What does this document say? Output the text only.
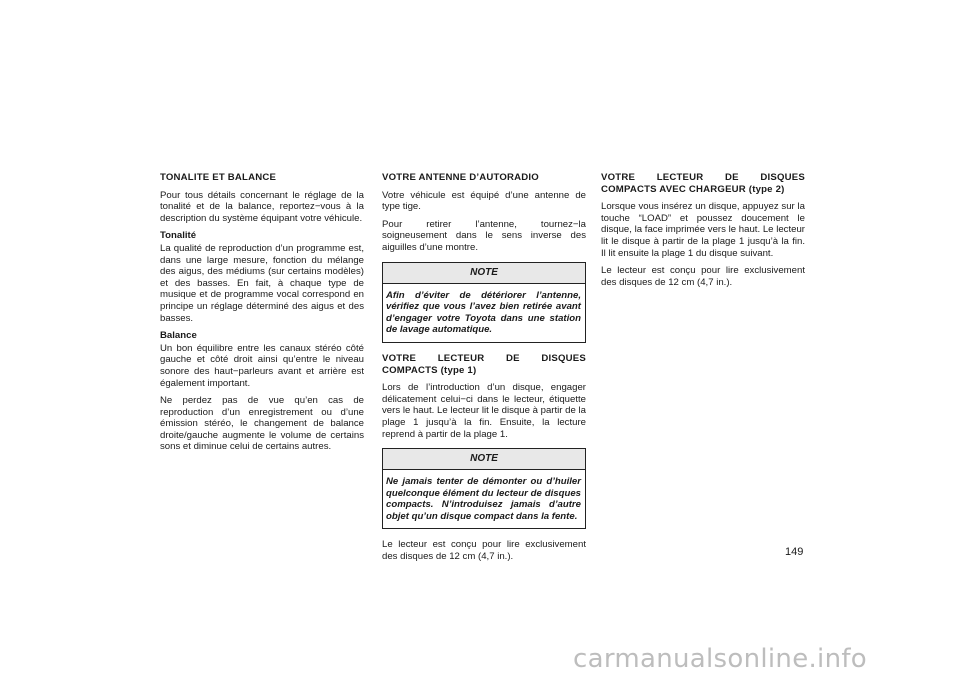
TONALITE ET BALANCE

Pour tous détails concernant le réglage de la tonalité et de la balance, reportez−vous à la description du système équipant votre véhicule.

Tonalité

La qualité de reproduction d’un programme est, dans une large mesure, fonction du mélange des aigus, des médiums (sur certains modèles) et des basses. En fait, à chaque type de musique et de programme vocal correspond en principe un réglage déterminé des aigus et des basses.

Balance

Un bon équilibre entre les canaux stéréo côté gauche et côté droit ainsi qu’entre le niveau sonore des haut−parleurs avant et arrière est également important.

Ne perdez pas de vue qu’en cas de reproduction d’un enregistrement ou d’une émission stéréo, le changement de balance droite/gauche augmente le volume de certains sons et diminue celui de certains autres.

VOTRE ANTENNE D’AUTORADIO

Votre véhicule est équipé d’une antenne de type tige.

Pour retirer l’antenne, tournez−la soigneusement dans le sens inverse des aiguilles d’une montre.

NOTE
Afin d’éviter de détériorer l’antenne, vérifiez que vous l’avez bien retirée avant d’engager votre Toyota dans une station de lavage automatique.
VOTRE LECTEUR DE DISQUES COMPACTS (type 1)

Lors de l’introduction d’un disque, engager délicatement celui−ci dans le lecteur, étiquette vers le haut. Le lecteur lit le disque à partir de la plage 1 jusqu’à la fin. Ensuite, la lecture reprend à partir de la plage 1.

NOTE
Ne jamais tenter de démonter ou d’huiler quelconque élément du lecteur de disques compacts. N’introduisez jamais d’autre objet qu’un disque compact dans la fente.

Le lecteur est conçu pour lire exclusivement des disques de 12 cm (4,7 in.).

VOTRE LECTEUR DE DISQUES COMPACTS AVEC CHARGEUR (type 2)

Lorsque vous insérez un disque, appuyez sur la touche “LOAD” et poussez doucement le disque, la face imprimée vers le haut. Le lecteur lit le disque à partir de la plage 1 jusqu’à la fin. Il lit ensuite la plage 1 du disque suivant.

Le lecteur est conçu pour lire exclusivement des disques de 12 cm (4,7 in.).

149
carmanualsonline.info
